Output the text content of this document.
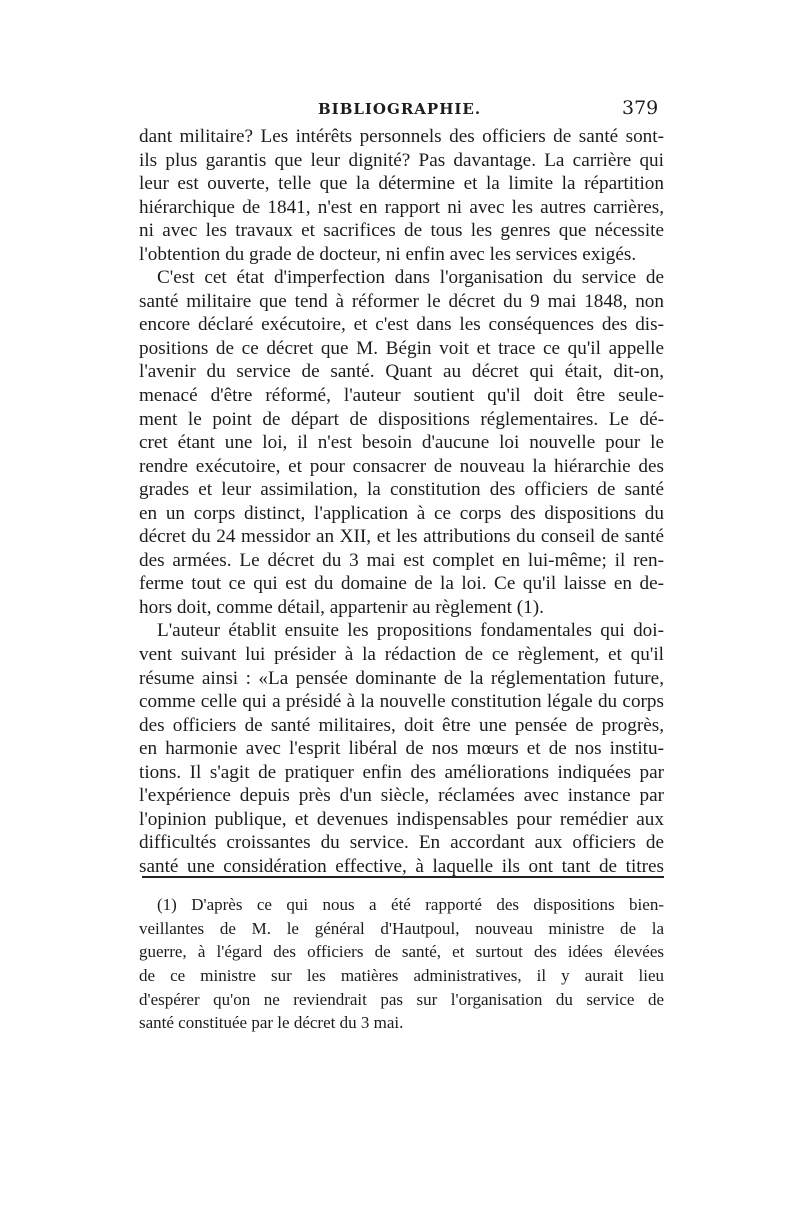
BIBLIOGRAPHIE.	379
dant militaire? Les intérêts personnels des officiers de santé sont-
ils plus garantis que leur dignité? Pas davantage. La carrière qui
leur est ouverte, telle que la détermine et la limite la répartition
hiérarchique de 1841, n'est en rapport ni avec les autres carrières,
ni avec les travaux et sacrifices de tous les genres que nécessite
l'obtention du grade de docteur, ni enfin avec les services exigés.
C'est cet état d'imperfection dans l'organisation du service de
santé militaire que tend à réformer le décret du 9 mai 1848, non
encore déclaré exécutoire, et c'est dans les conséquences des dis-
positions de ce décret que M. Bégin voit et trace ce qu'il appelle
l'avenir du service de santé. Quant au décret qui était, dit-on,
menacé d'être réformé, l'auteur soutient qu'il doit être seule-
ment le point de départ de dispositions réglementaires. Le dé-
cret étant une loi, il n'est besoin d'aucune loi nouvelle pour le
rendre exécutoire, et pour consacrer de nouveau la hiérarchie des
grades et leur assimilation, la constitution des officiers de santé
en un corps distinct, l'application à ce corps des dispositions du
décret du 24 messidor an XII, et les attributions du conseil de santé
des armées. Le décret du 3 mai est complet en lui-même; il ren-
ferme tout ce qui est du domaine de la loi. Ce qu'il laisse en de-
hors doit, comme détail, appartenir au règlement (1).
L'auteur établit ensuite les propositions fondamentales qui doi-
vent suivant lui présider à la rédaction de ce règlement, et qu'il
résume ainsi : «La pensée dominante de la réglementation future,
comme celle qui a présidé à la nouvelle constitution légale du corps
des officiers de santé militaires, doit être une pensée de progrès,
en harmonie avec l'esprit libéral de nos mœurs et de nos institu-
tions. Il s'agit de pratiquer enfin des améliorations indiquées par
l'expérience depuis près d'un siècle, réclamées avec instance par
l'opinion publique, et devenues indispensables pour remédier aux
difficultés croissantes du service. En accordant aux officiers de
santé une considération effective, à laquelle ils ont tant de titres
(1) D'après ce qui nous a été rapporté des dispositions bien-
veillantes de M. le général d'Hautpoul, nouveau ministre de la
guerre, à l'égard des officiers de santé, et surtout des idées élevées
de ce ministre sur les matières administratives, il y aurait lieu
d'espérer qu'on ne reviendrait pas sur l'organisation du service de
santé constituée par le décret du 3 mai.
